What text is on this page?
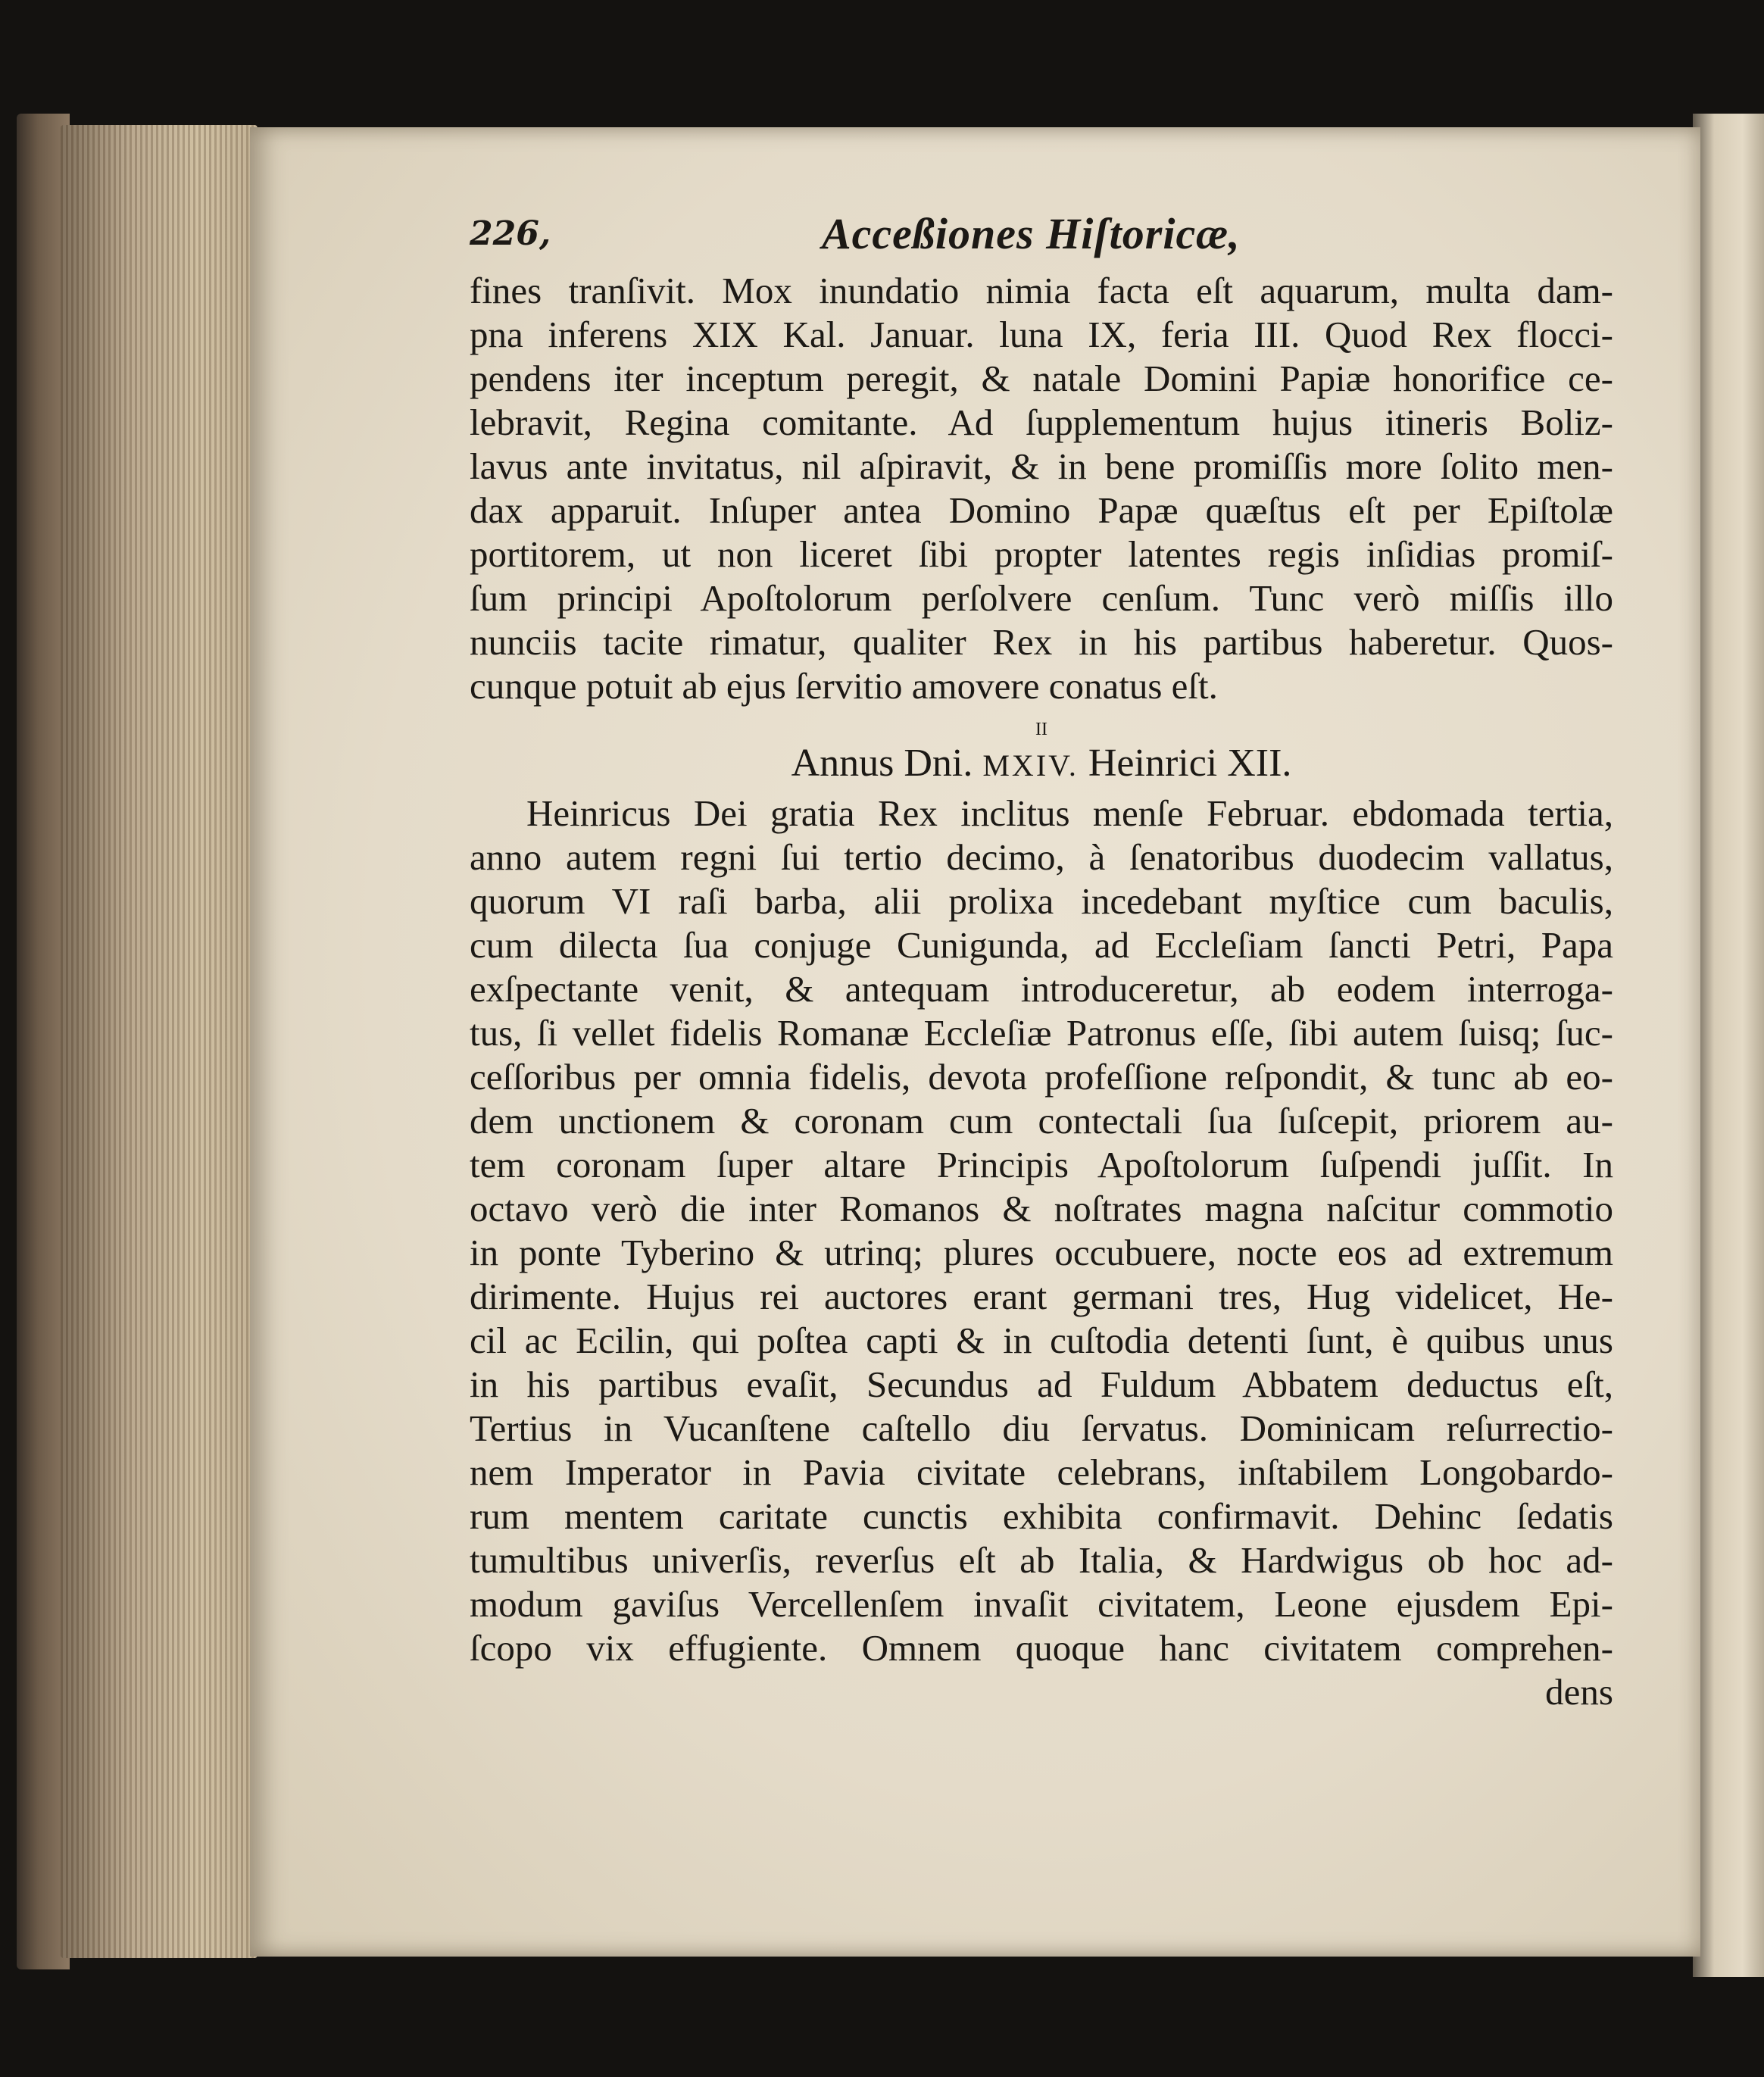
226,	Acceßiones Hiſtoricæ,
fines tranſivit. Mox inundatio nimia facta eſt aquarum, multa dam-
pna inferens XIX Kal. Januar. luna IX, feria III. Quod Rex flocci-
pendens iter inceptum peregit, & natale Domini Papiæ honorifice ce-
lebravit, Regina comitante. Ad ſupplementum hujus itineris Boliz-
lavus ante invitatus, nil aſpiravit, & in bene promiſſis more ſolito men-
dax apparuit. Inſuper antea Domino Papæ quæſtus eſt per Epiſtolæ
portitorem, ut non liceret ſibi propter latentes regis inſidias promiſ-
ſum principi Apoſtolorum perſolvere cenſum. Tunc verò miſſis illo
nunciis tacite rimatur, qualiter Rex in his partibus haberetur. Quos-
cunque potuit ab ejus ſervitio amovere conatus eſt.
II
Annus Dni. MXIV. Heinrici XII.
Heinricus Dei gratia Rex inclitus menſe Februar. ebdomada tertia,
anno autem regni ſui tertio decimo, à ſenatoribus duodecim vallatus,
quorum VI raſi barba, alii prolixa incedebant myſtice cum baculis,
cum dilecta ſua conjuge Cunigunda, ad Eccleſiam ſancti Petri, Papa
exſpectante venit, & antequam introduceretur, ab eodem interroga-
tus, ſi vellet fidelis Romanæ Eccleſiæ Patronus eſſe, ſibi autem ſuisq; ſuc-
ceſſoribus per omnia fidelis, devota profeſſione reſpondit, & tunc ab eo-
dem unctionem & coronam cum contectali ſua ſuſcepit, priorem au-
tem coronam ſuper altare Principis Apoſtolorum ſuſpendi juſſit. In
octavo verò die inter Romanos & noſtrates magna naſcitur commotio
in ponte Tyberino & utrinq; plures occubuere, nocte eos ad extremum
dirimente. Hujus rei auctores erant germani tres, Hug videlicet, He-
cil ac Ecilin, qui poſtea capti & in cuſtodia detenti ſunt, è quibus unus
in his partibus evaſit, Secundus ad Fuldum Abbatem deductus eſt,
Tertius in Vucanſtene caſtello diu ſervatus. Dominicam reſurrectio-
nem Imperator in Pavia civitate celebrans, inſtabilem Longobardo-
rum mentem caritate cunctis exhibita confirmavit. Dehinc ſedatis
tumultibus univerſis, reverſus eſt ab Italia, & Hardwigus ob hoc ad-
modum gaviſus Vercellenſem invaſit civitatem, Leone ejusdem Epi-
ſcopo vix effugiente. Omnem quoque hanc civitatem comprehen-
dens
